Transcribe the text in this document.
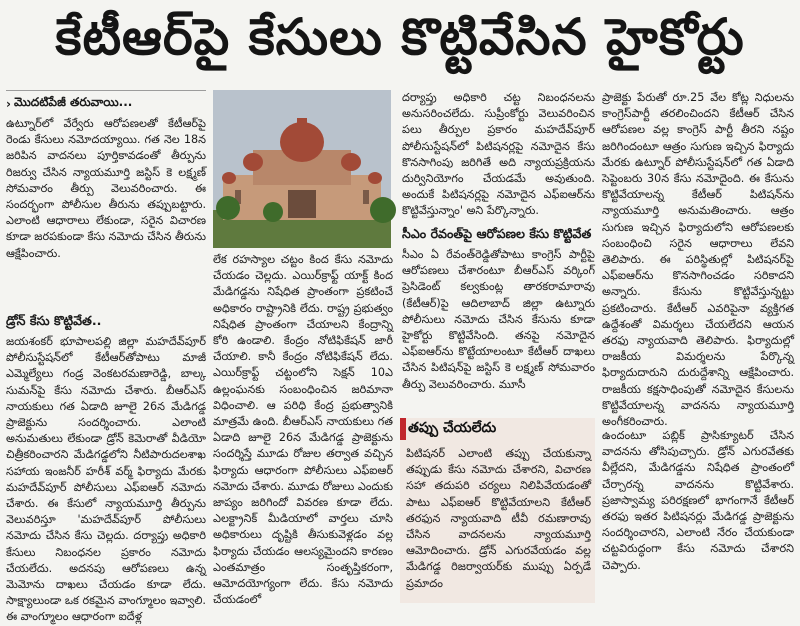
కేటీఆర్‌పై కేసులు కొట్టివేసిన హైకోర్టు
› మొదటిపేజీ తరువాయి...

ఉట్నూర్‌లో వేర్వేరు ఆరోపణలతో కేటీఆర్‌పై రెండు కేసులు నమోదయ్యాయి. గత నెల 18న జరిపిన వాదనలు పూర్తికావడంతో తీర్పును రిజర్వు చేసిన న్యాయమూర్తి జస్టిస్ కె లక్ష్మణ్ సోమవారం తీర్పు వెలువరించారు. ఈ సందర్భంగా పోలీసుల తీరును తప్పుబట్టారు. ఎలాంటి ఆధారాలు లేకుండా, సరైన విచారణ కూడా జరపకుండా కేసు నమోదు చేసిన తీరును ఆక్షేపించారు.

డ్రోన్ కేసు కొట్టివేత..

జయశంకర్ భూపాలపల్లి జిల్లా మహదేవ్‌పూర్ పోలీసుస్టేషన్‌లో కేటీఆర్‌తోపాటు మాజీ ఎమ్మెల్యేలు గండ్ర వెంకటరమణారెడ్డి, బాల్క సుమన్‌పై కేసు నమోదు చేశారు. బీఆర్‌ఎస్ నాయకులు గత ఏడాది జూలై 26న మేడిగడ్డ ప్రాజెక్టును సందర్శించారు. ఎలాంటి అనుమతులు లేకుండా డ్రోన్ కెమెరాతో వీడియో చిత్రీకరించారని మేడిగడ్డలోని నీటిపారుదలశాఖ సహాయ ఇంజనీర్ హరీశ్ వర్మ్‌ ఫిర్యాదు మేరకు మహదేవ్‌పూర్ పోలీసులు ఎఫ్ఐఆర్ నమోదు చేశారు. ఈ కేసులో న్యాయమూర్తి తీర్పును వెలువరిస్తూ 'మహదేవ్‌పూర్ పోలీసులు నమోదు చేసిన కేసు చెల్లదు. దర్యాప్తు అధికారి కేసులు నిబంధనల ప్రకారం నమోదు చేయలేదు. అదనపు ఆరోపణలు ఉన్న మెమోను దాఖలు చేయడం కూడా లేదు. సాక్ష్యాలుండా ఒక రకమైన వాంగ్మూలం ఇవ్వాలి. ఈ వాంగ్మూలం ఆధారంగా ఐదేళ్ల

లేక రహస్యాల చట్టం కింద కేసు నమోదు చేయడం చెల్లదు. ఎయిర్‌క్రాఫ్ట్ యాక్ట్ కింద మేడిగడ్డను నిషేధిత ప్రాంతంగా ప్రకటించే అధికారం రాష్ట్రానికి లేదు. రాష్ట్ర ప్రభుత్వం నిషేధిత ప్రాంతంగా చేయాలని కేంద్రాన్ని కోరి ఉండాలి. కేంద్రం నోటిఫికేషన్ జారీ చేయాలి. కానీ కేంద్రం నోటిఫికేషన్ లేదు. ఎయిర్‌క్రాఫ్ట్ చట్టంలోని సెక్షన్ 10ఎ ఉల్లంఘనకు సంబంధించిన జరిమానా విధించాలి. ఆ పరిధి కేంద్ర ప్రభుత్వానికి మాత్రమే ఉంది. బీఆర్ఎస్ నాయకులు గత ఏడాది జూలై 26న మేడిగడ్డ ప్రాజెక్టును సందర్శిస్తే మూడు రోజుల తర్వాత వచ్చిన ఫిర్యాదు ఆధారంగా పోలీసులు ఎఫ్ఐఆర్ నమోదు చేశారు. మూడు రోజులు ఎందుకు జాప్యం జరిగిందో వివరణ కూడా లేదు. ఎలక్ట్రానిక్ మీడియాలో వార్తలు చూసి అధికారులు దృష్టికి తీసుకువెళ్లడం వల్ల ఫిర్యాదు చేయడం ఆలస్యమైందని కారణం ఎంతమాత్రం సంతృప్తికరంగా, ఆమోదయోగ్యంగా లేదు. కేసు నమోదు చేయడంలో

దర్యాప్తు అధికారి చట్ట నిబంధనలను అనుసరించలేదు. సుప్రీంకోర్టు వెలువరించిన పలు తీర్పుల ప్రకారం మహదేవ్‌పూర్ పోలీసుస్టేషన్‌లో పిటిషనర్లపై నమోదైన కేసు కొనసాగింపు జరిగితే అది న్యాయప్రక్రియను దుర్వినియోగం చేయడమే అవుతుంది. అందుకే పిటిషనర్లపై నమోదైన ఎఫ్ఐఆర్‌ను కొట్టివేస్తున్నాం' అని పేర్కొన్నారు.

సీఎం రేవంత్‌పై ఆరోపణల కేసు కొట్టివేత

సీఎం ఏ రేవంత్‌రెడ్డితోపాటు కాంగ్రెస్ పార్టీపై ఆరోపణలు చేశారంటూ బీఆర్ఎస్ వర్కింగ్ ప్రెసిడెంట్ కల్వకుంట్ల తారకరామారావు (కేటీఆర్)పై ఆదిలాబాద్ జిల్లా ఉట్నూరు పోలీసులు నమోదు చేసిన కేసును కూడా హైకోర్టు కొట్టివేసింది. తనపై నమోదైన ఎఫ్ఐఆర్‌ను కొట్టేయాలంటూ కేటీఆర్ దాఖలు చేసిన పిటిషన్‌పై జస్టిస్ కె లక్ష్మణ్ సోమవారం తీర్పు వెలువరించారు. మూసీ

ప్రాజెక్టు పేరుతో రూ.25 వేల కోట్ల నిధులను కాంగ్రెస్‌పార్టీ తరలించిందని కేటీఆర్ చేసిన ఆరోపణల వల్ల కాంగ్రెస్ పార్టీ తీరని నష్టం జరిగిందంటూ ఆత్రం సుగుణ ఇచ్చిన ఫిర్యాదు మేరకు ఉట్నూర్ పోలీసుస్టేషన్‌లో గత ఏడాది సెప్టెంబరు 30న కేసు నమోదైంది. ఈ కేసును కొట్టివేయాలన్న కేటీఆర్ పిటిషన్‌ను న్యాయమూర్తి అనుమతించారు. ఆత్రం సుగుణ ఇచ్చిన ఫిర్యాదులోని ఆరోపణలకు సంబంధించి సరైన ఆధారాలు లేవని తెలిపారు. ఈ పరిస్థితుల్లో పిటిషనర్‌పై ఎఫ్ఐఆర్‌ను కొనసాగించడం సరికాదని అన్నారు. కేసును కొట్టివేస్తున్నట్టు ప్రకటించారు. కేటీఆర్‌ ఎవరిపైనా వ్యక్తిగత ఉద్దేశంతో విమర్శలు చేయలేదని ఆయన తరఫు న్యాయవాది తెలిపారు. ఫిర్యాదుల్లో రాజకీయ విమర్శలను పేర్కొన్న ఫిర్యాదుదారుని దురుద్దేశాన్ని ఆక్షేపించారు. రాజకీయ కక్షసాధింపుతో నమోదైన కేసులను కొట్టివేయాలన్న వాదనను న్యాయమూర్తి అంగీకరించారు.

తప్పు చేయలేదు

పిటిషనర్ ఎలాంటి తప్పు చేయకున్నా తప్పుడు కేసు నమోదు చేశారని, విచారణ సహా తదుపరి చర్యలు నిలిపివేయడంతో పాటు ఎఫ్ఐఆర్ కొట్టివేయాలని కేటీఆర్ తరఫున న్యాయవాది టీవీ రమణారావు చేసిన వాదనలను న్యాయమూర్తి ఆమోదించారు. డ్రోన్ ఎగురవేయడం వల్ల మేడిగడ్డ రిజర్వాయర్‌కు ముప్పు ఏర్పడే ప్రమాదం

ఉందంటూ పబ్లిక్ ప్రాసిక్యూటర్ చేసిన వాదనను తోసిపుచ్చారు. డ్రోన్ ఎగురవేతకు వీల్లేదని, మేడిగడ్డను నిషేధిత ప్రాంతంలో చేర్చారన్న వాదనను కొట్టివేశారు. ప్రజాస్వామ్య పరిరక్షణలో భాగంగానే కేటీఆర్ తరఫు ఇతర పిటిషనర్లు మేడిగడ్డ ప్రాజెక్టును సందర్శించారని, ఎలాంటి నేరం చేయకుండా చట్టవిరుద్ధంగా కేసు నమోదు చేశారని చెప్పారు.
